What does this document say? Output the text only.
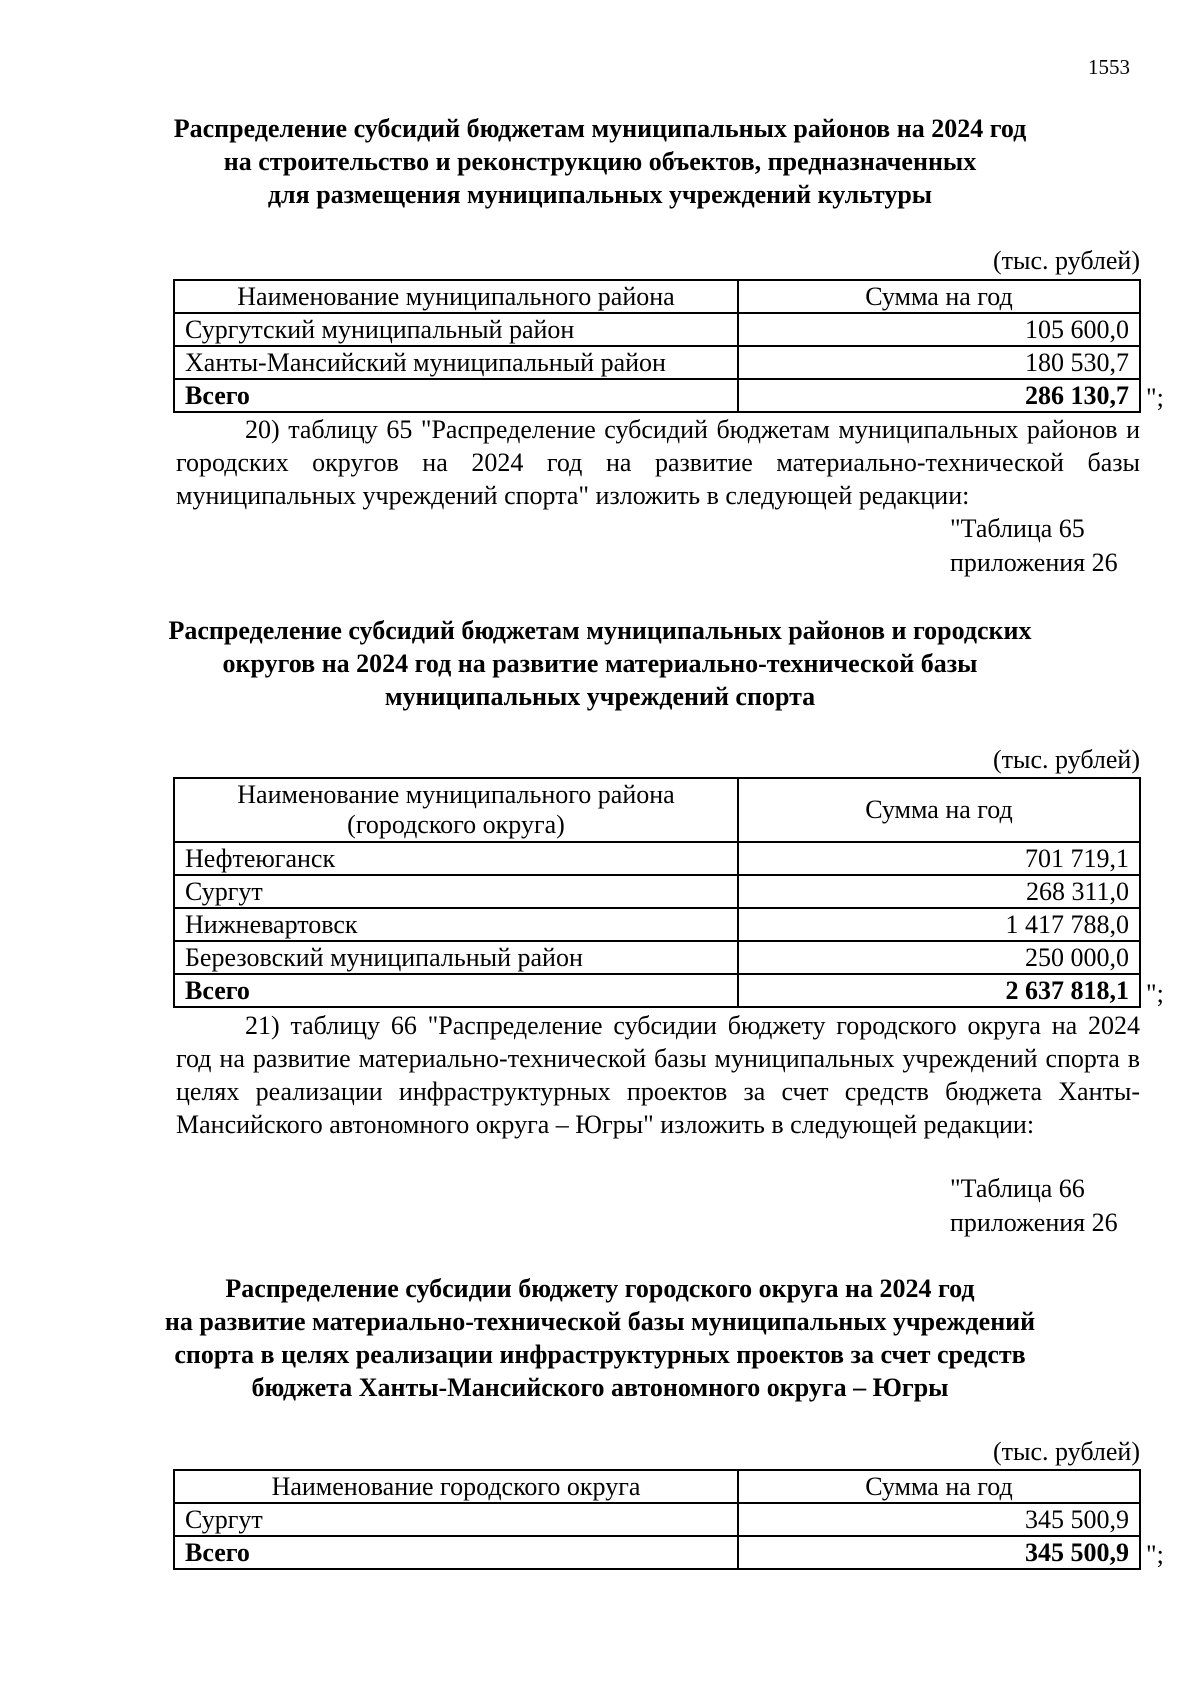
1553
Распределение субсидий бюджетам муниципальных районов на 2024 год
на строительство и реконструкцию объектов, предназначенных
для размещения муниципальных учреждений культуры
(тыс. рублей)
Наименование муниципального района	Сумма на год
Сургутский муниципальный район	105 600,0
Ханты-Мансийский муниципальный район	180 530,7
Всего	286 130,7 ";

20) таблицу 65 "Распределение субсидий бюджетам муниципальных районов и городских округов на 2024 год на развитие материально-технической базы муниципальных учреждений спорта" изложить в следующей редакции:

"Таблица 65
приложения 26
Распределение субсидий бюджетам муниципальных районов и городских
округов на 2024 год на развитие материально-технической базы
муниципальных учреждений спорта
(тыс. рублей)
Наименование муниципального района
(городского округа)	Сумма на год
Нефтеюганск	701 719,1
Сургут	268 311,0
Нижневартовск	1 417 788,0
Березовский муниципальный район	250 000,0
Всего	2 637 818,1 ";

21) таблицу 66 "Распределение субсидии бюджету городского округа на 2024 год на развитие материально-технической базы муниципальных учреждений спорта в целях реализации инфраструктурных проектов за счет средств бюджета Ханты-Мансийского автономного округа – Югры" изложить в следующей редакции:

"Таблица 66
приложения 26
Распределение субсидии бюджету городского округа на 2024 год
на развитие материально-технической базы муниципальных учреждений
спорта в целях реализации инфраструктурных проектов за счет средств
бюджета Ханты-Мансийского автономного округа – Югры
(тыс. рублей)
Наименование городского округа	Сумма на год
Сургут	345 500,9
Всего	345 500,9 ";
